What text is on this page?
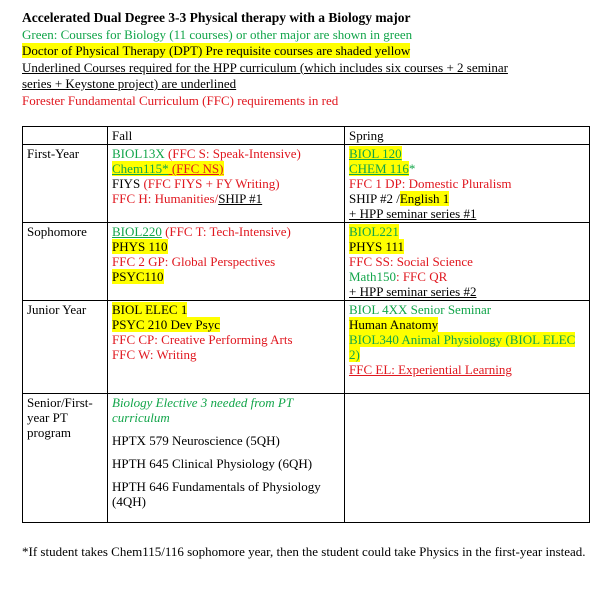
Accelerated Dual Degree 3-3 Physical therapy with a Biology major
Green: Courses for Biology (11 courses) or other major are shown in green
Doctor of Physical Therapy (DPT) Pre requisite courses are shaded yellow
Underlined Courses required for the HPP curriculum (which includes six courses + 2 seminar
series + Keystone project) are underlined
Forester Fundamental Curriculum (FFC) requirements in red
	Fall	Spring
First-Year	BIOL13X (FFC S: Speak-Intensive)
Chem115* (FFC NS)
FIYS (FFC FIYS + FY Writing)
FFC H: Humanities/SHIP #1	BIOL 120
CHEM 116*
FFC 1 DP: Domestic Pluralism
SHIP #2 /English 1
+ HPP seminar series #1

Sophomore	BIOL220 (FFC T: Tech-Intensive)
PHYS 110
FFC 2 GP: Global Perspectives
PSYC110	BIOL221
PHYS 111
FFC SS: Social Science
Math150: FFC QR
+ HPP seminar series #2

Junior Year	BIOL ELEC 1
PSYC 210 Dev Psyc
FFC CP: Creative Performing Arts
FFC W: Writing	BIOL 4XX Senior Seminar
Human Anatomy
BIOL340 Animal Physiology (BIOL ELEC 2)
FFC EL: Experiential Learning

Senior/First-year PT program	Biology Elective 3 needed from PT curriculum
HPTX 579 Neuroscience (5QH)
HPTH 645 Clinical Physiology (6QH)
HPTH 646 Fundamentals of Physiology (4QH)	

*If student takes Chem115/116 sophomore year, then the student could take Physics in the first-year instead.
